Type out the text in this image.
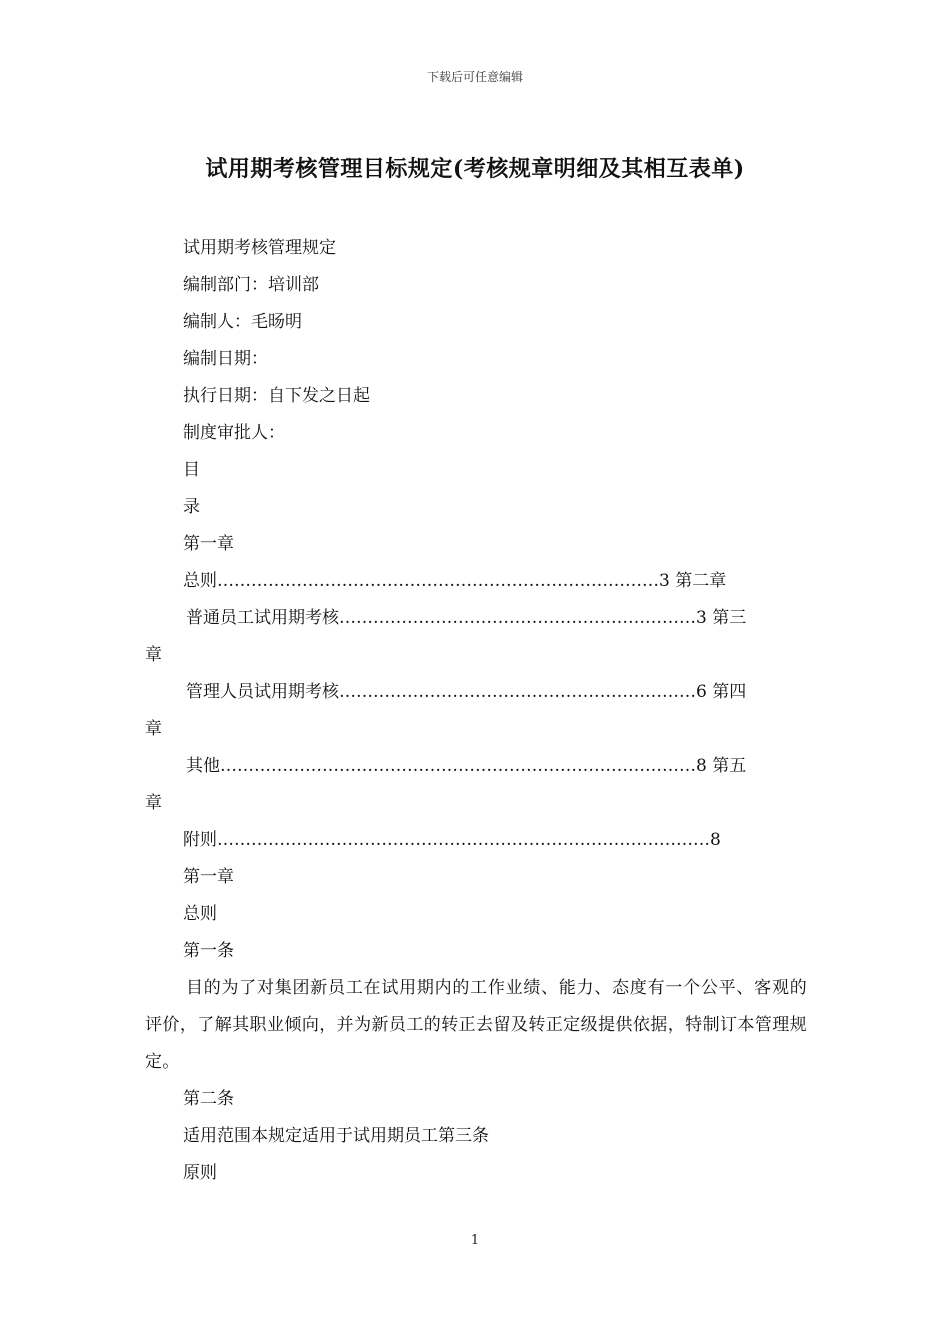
下载后可任意编辑
试用期考核管理目标规定(考核规章明细及其相互表单)
试用期考核管理规定
编制部门：培训部
编制人：毛旸明
编制日期：
执行日期：自下发之日起
制度审批人：
目
录
第一章
总则……………………………………………………………………3 第二章
普通员工试用期考核………………………………………………………3 第三
章
管理人员试用期考核………………………………………………………6 第四
章
其他…………………………………………………………………………8 第五
章
附则……………………………………………………………………………8
第一章
总则
第一条
目的为了对集团新员工在试用期内的工作业绩、能力、态度有一个公平、客观的评价，了解其职业倾向，并为新员工的转正去留及转正定级提供依据，特制订本管理规定。
第二条
适用范围本规定适用于试用期员工第三条
原则
1
